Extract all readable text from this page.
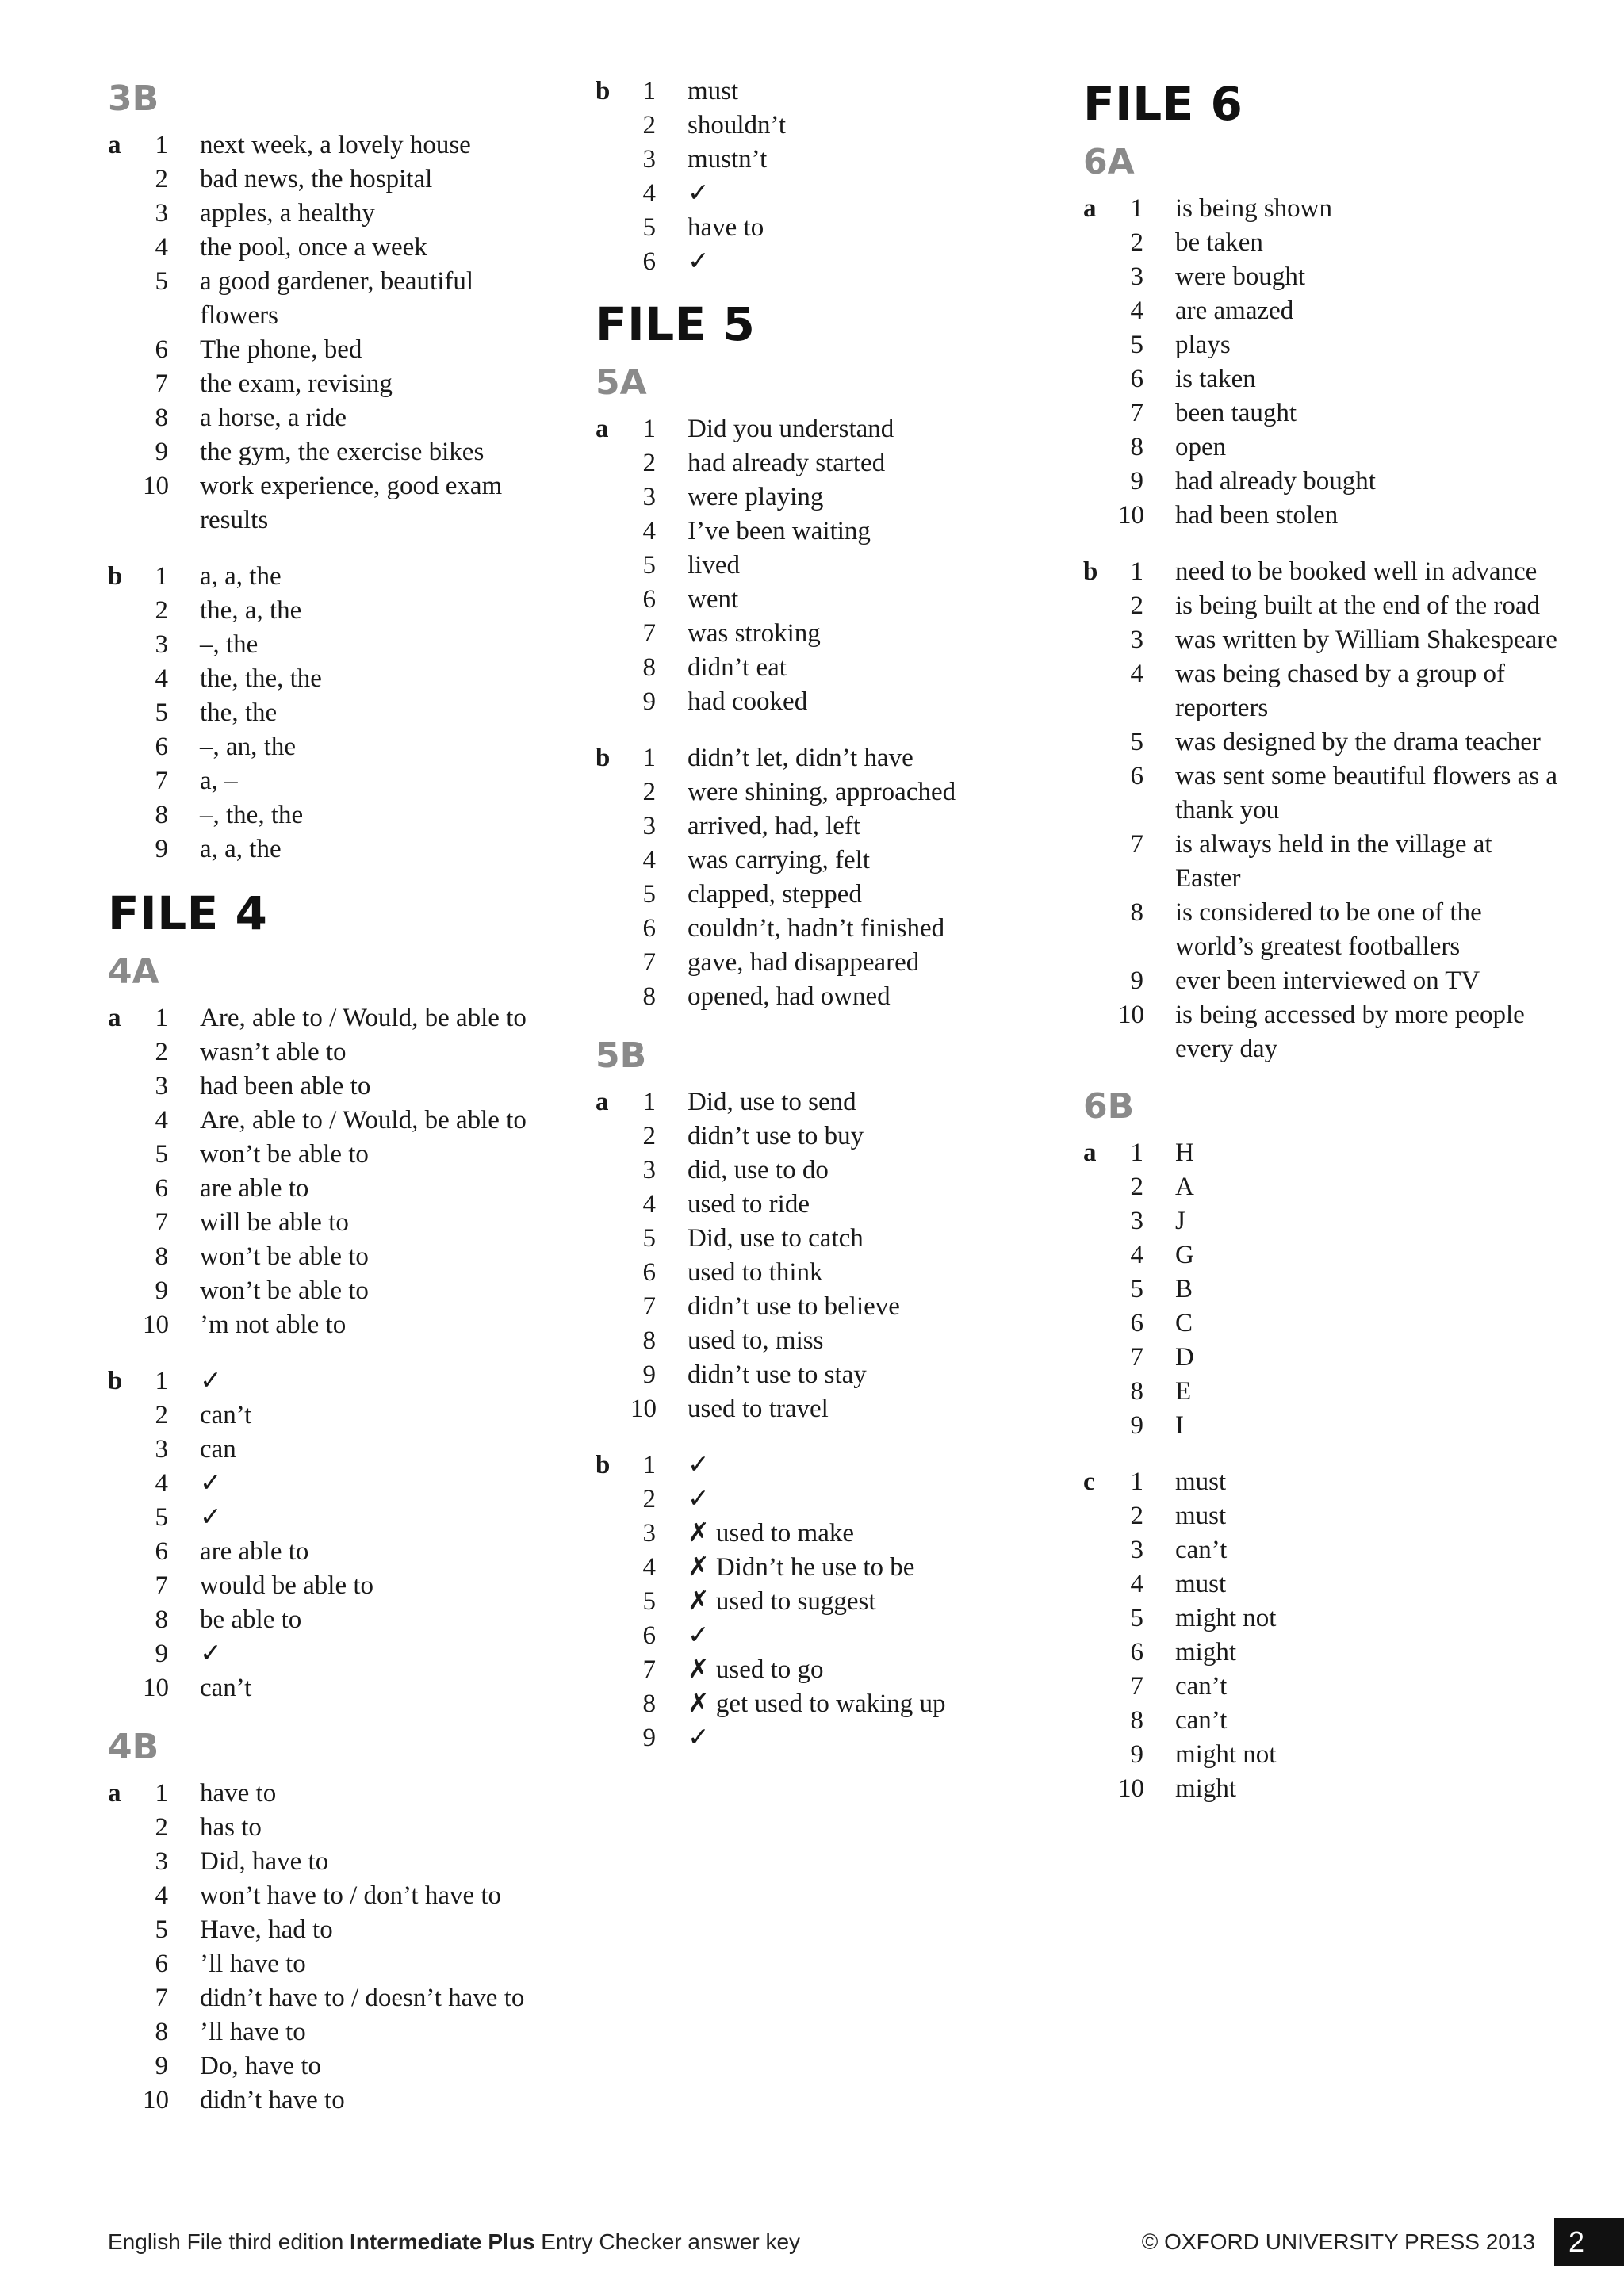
3B
a	1	next week, a lovely house
2	bad news, the hospital
3	apples, a healthy
4	the pool, once a week
5	a good gardener, beautiful flowers
6	The phone, bed
7	the exam, revising
8	a horse, a ride
9	the gym, the exercise bikes
10	work experience, good exam results
b	1	a, a, the
2	the, a, the
3	–, the
4	the, the, the
5	the, the
6	–, an, the
7	a, –
8	–, the, the
9	a, a, the
FILE 4
4A
a	1	Are, able to / Would, be able to
2	wasn’t able to
3	had been able to
4	Are, able to / Would, be able to
5	won’t be able to
6	are able to
7	will be able to
8	won’t be able to
9	won’t be able to
10	’m not able to
b	1	✓
2	can’t
3	can
4	✓
5	✓
6	are able to
7	would be able to
8	be able to
9	✓
10	can’t
4B
a	1	have to
2	has to
3	Did, have to
4	won’t have to / don’t have to
5	Have, had to
6	’ll have to
7	didn’t have to / doesn’t have to
8	’ll have to
9	Do, have to
10	didn’t have to
b	1	must
2	shouldn’t
3	mustn’t
4	✓
5	have to
6	✓
FILE 5
5A
a	1	Did you understand
2	had already started
3	were playing
4	I’ve been waiting
5	lived
6	went
7	was stroking
8	didn’t eat
9	had cooked
b	1	didn’t let, didn’t have
2	were shining, approached
3	arrived, had, left
4	was carrying, felt
5	clapped, stepped
6	couldn’t, hadn’t finished
7	gave, had disappeared
8	opened, had owned
5B
a	1	Did, use to send
2	didn’t use to buy
3	did, use to do
4	used to ride
5	Did, use to catch
6	used to think
7	didn’t use to believe
8	used to, miss
9	didn’t use to stay
10	used to travel
b	1	✓
2	✓
3	✗ used to make
4	✗ Didn’t he use to be
5	✗ used to suggest
6	✓
7	✗ used to go
8	✗ get used to waking up
9	✓
FILE 6
6A
a	1	is being shown
2	be taken
3	were bought
4	are amazed
5	plays
6	is taken
7	been taught
8	open
9	had already bought
10	had been stolen
b	1	need to be booked well in advance
2	is being built at the end of the road
3	was written by William Shakespeare
4	was being chased by a group of reporters
5	was designed by the drama teacher
6	was sent some beautiful flowers as a thank you
7	is always held in the village at Easter
8	is considered to be one of the world’s greatest footballers
9	ever been interviewed on TV
10	is being accessed by more people every day
6B
a	1	H
2	A
3	J
4	G
5	B
6	C
7	D
8	E
9	I
c	1	must
2	must
3	can’t
4	must
5	might not
6	might
7	can’t
8	can’t
9	might not
10	might
English File third edition Intermediate Plus Entry Checker answer key	© OXFORD UNIVERSITY PRESS 2013	2
